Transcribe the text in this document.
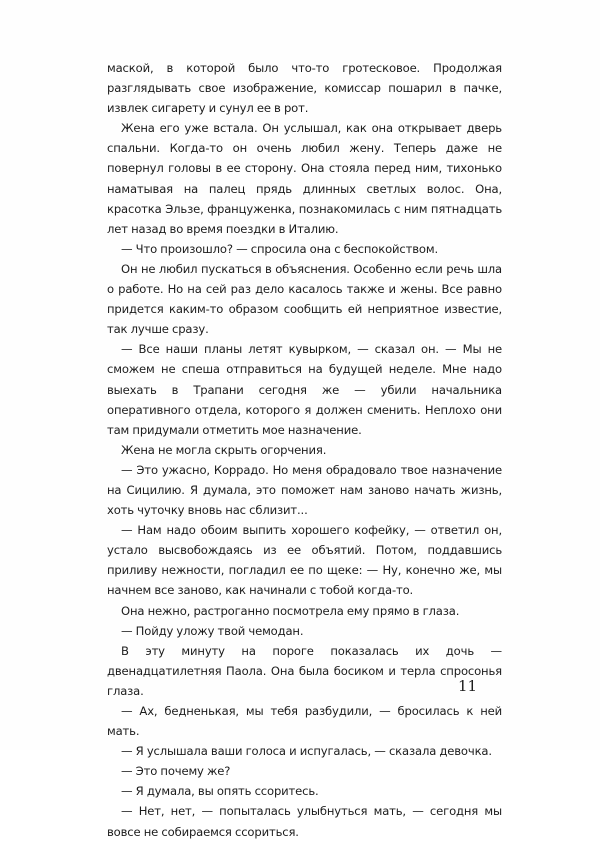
маской, в которой было что-то гротесковое. Продолжая разглядывать свое изображение, комиссар пошарил в пачке, извлек сигарету и сунул ее в рот.

Жена его уже встала. Он услышал, как она открывает дверь спальни. Когда-то он очень любил жену. Теперь даже не повернул головы в ее сторону. Она стояла перед ним, тихонько наматывая на палец прядь длинных светлых волос. Она, красотка Эльзе, француженка, познакомилась с ним пятнадцать лет назад во время поездки в Италию.

— Что произошло? — спросила она с беспокойством.

Он не любил пускаться в объяснения. Особенно если речь шла о работе. Но на сей раз дело касалось также и жены. Все равно придется каким-то образом сообщить ей неприятное известие, так лучше сразу.

— Все наши планы летят кувырком, — сказал он. — Мы не сможем не спеша отправиться на будущей неделе. Мне надо выехать в Трапани сегодня же — убили начальника оперативного отдела, которого я должен сменить. Неплохо они там придумали отметить мое назначение.

Жена не могла скрыть огорчения.

— Это ужасно, Коррадо. Но меня обрадовало твое назначение на Сицилию. Я думала, это поможет нам заново начать жизнь, хоть чуточку вновь нас сблизит...

— Нам надо обоим выпить хорошего кофейку, — ответил он, устало высвобождаясь из ее объятий. Потом, поддавшись приливу нежности, погладил ее по щеке: — Ну, конечно же, мы начнем все заново, как начинали с тобой когда-то.

Она нежно, растроганно посмотрела ему прямо в глаза.

— Пойду уложу твой чемодан.

В эту минуту на пороге показалась их дочь — двенадцатилетняя Паола. Она была босиком и терла спросонья глаза.

— Ах, бедненькая, мы тебя разбудили, — бросилась к ней мать.

— Я услышала ваши голоса и испугалась, — сказала девочка.

— Это почему же?

— Я думала, вы опять ссоритесь.

— Нет, нет, — попыталась улыбнуться мать, — сегодня мы вовсе не собираемся ссориться.

11
